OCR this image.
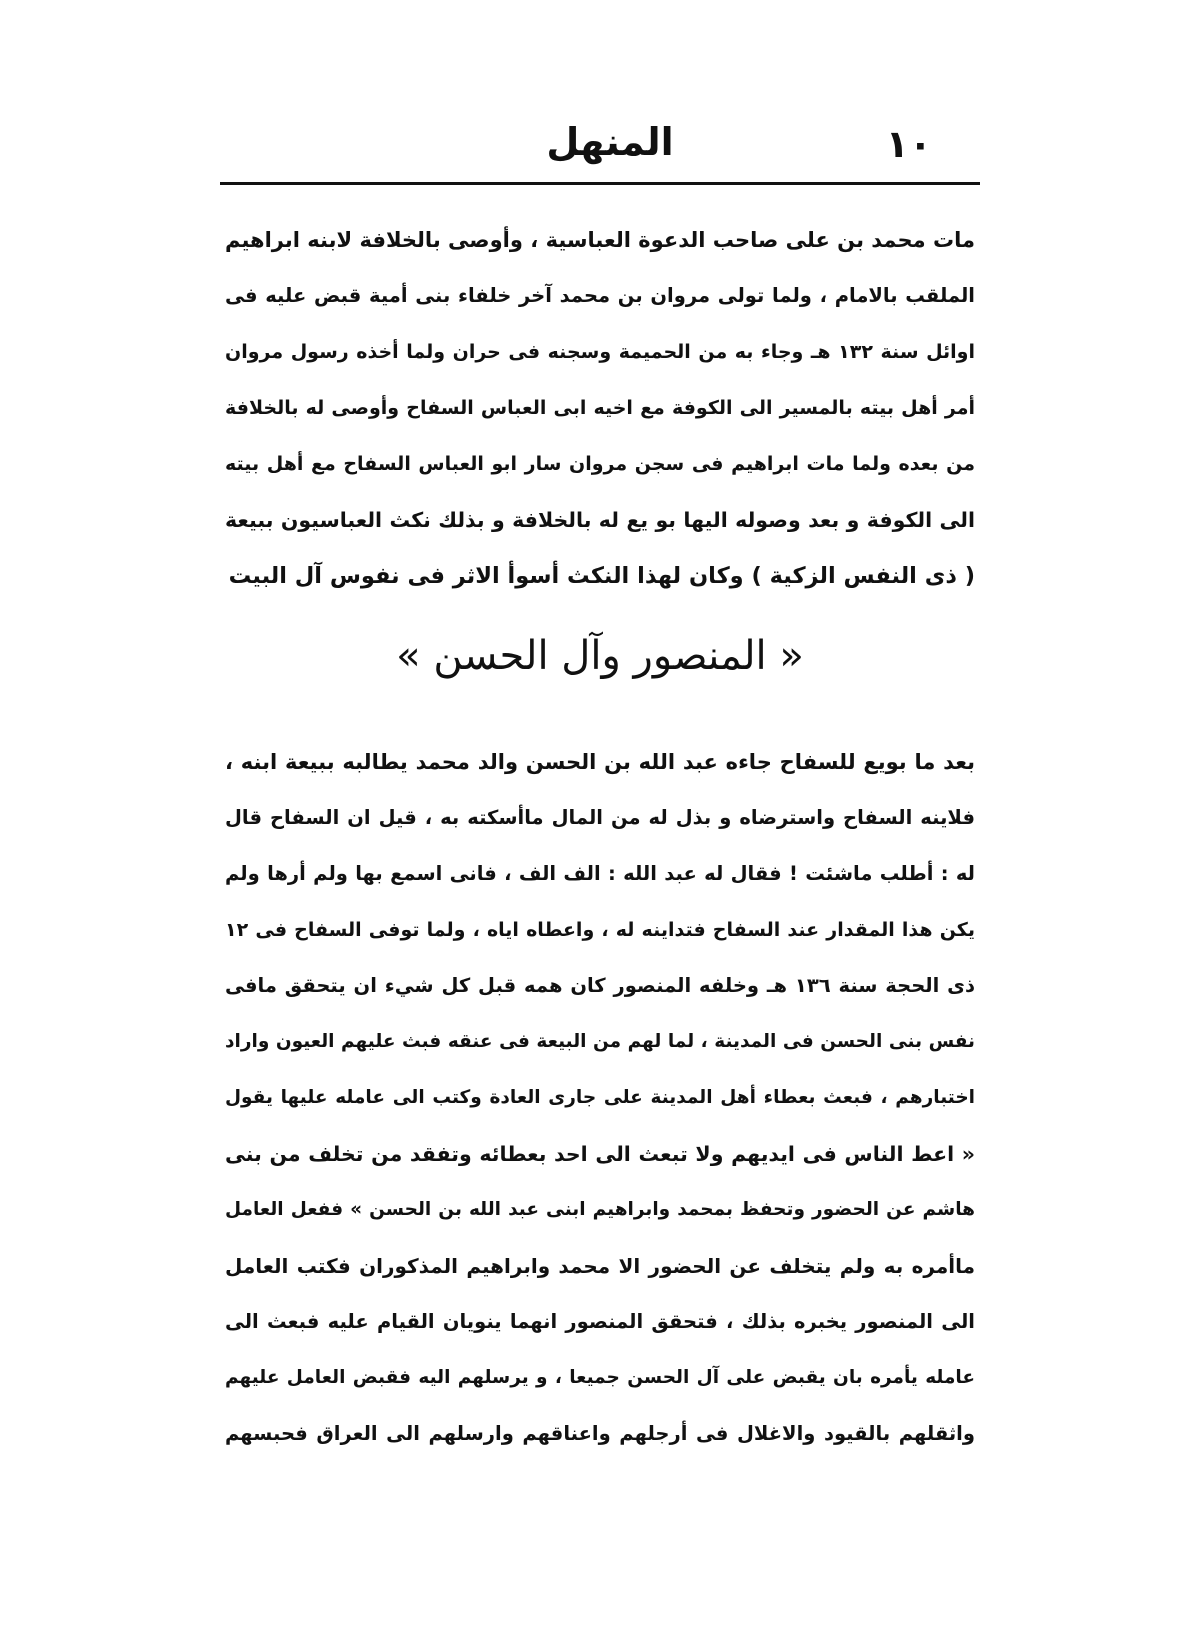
١٠
المنهل
مات محمد بن على صاحب الدعوة العباسية ، وأوصى بالخلافة لابنه ابراهيم
الملقب بالامام ، ولما تولى مروان بن محمد آخر خلفاء بنى أمية قبض عليه فى
اوائل سنة ١٣٢ هـ وجاء به من الحميمة وسجنه فى حران ولما أخذه رسول مروان
أمر أهل بيته بالمسير الى الكوفة مع اخيه ابى العباس السفاح وأوصى له بالخلافة
من بعده ولما مات ابراهيم فى سجن مروان سار ابو العباس السفاح مع أهل بيته
الى الكوفة و بعد وصوله اليها بو يع له بالخلافة و بذلك نكث العباسيون ببيعة
( ذى النفس الزكية ) وكان لهذا النكث أسوأ الاثر فى نفوس آل البيت
« المنصور وآل الحسن »
بعد ما بويع للسفاح جاءه عبد الله بن الحسن والد محمد يطالبه ببيعة ابنه ،
فلاينه السفاح واسترضاه و بذل له من المال ماأسكته به ، قيل ان السفاح قال
له : أطلب ماشئت ! فقال له عبد الله : الف الف ، فانى اسمع بها ولم أرها ولم
يكن هذا المقدار عند السفاح فتداينه له ، واعطاه اياه ، ولما توفى السفاح فى ١٢
ذى الحجة سنة ١٣٦ هـ وخلفه المنصور كان همه قبل كل شيء ان يتحقق مافى
نفس بنى الحسن فى المدينة ، لما لهم من البيعة فى عنقه فبث عليهم العيون واراد
اختبارهم ، فبعث بعطاء أهل المدينة على جارى العادة وكتب الى عامله عليها يقول
« اعط الناس فى ايديهم ولا تبعث الى احد بعطائه وتفقد من تخلف من بنى
هاشم عن الحضور وتحفظ بمحمد وابراهيم ابنى عبد الله بن الحسن » ففعل العامل
ماأمره به ولم يتخلف عن الحضور الا محمد وابراهيم المذكوران فكتب العامل
الى المنصور يخبره بذلك ، فتحقق المنصور انهما ينويان القيام عليه فبعث الى
عامله يأمره بان يقبض على آل الحسن جميعا ، و يرسلهم اليه فقبض العامل عليهم
واثقلهم بالقيود والاغلال فى أرجلهم واعناقهم وارسلهم الى العراق فحبسهم
